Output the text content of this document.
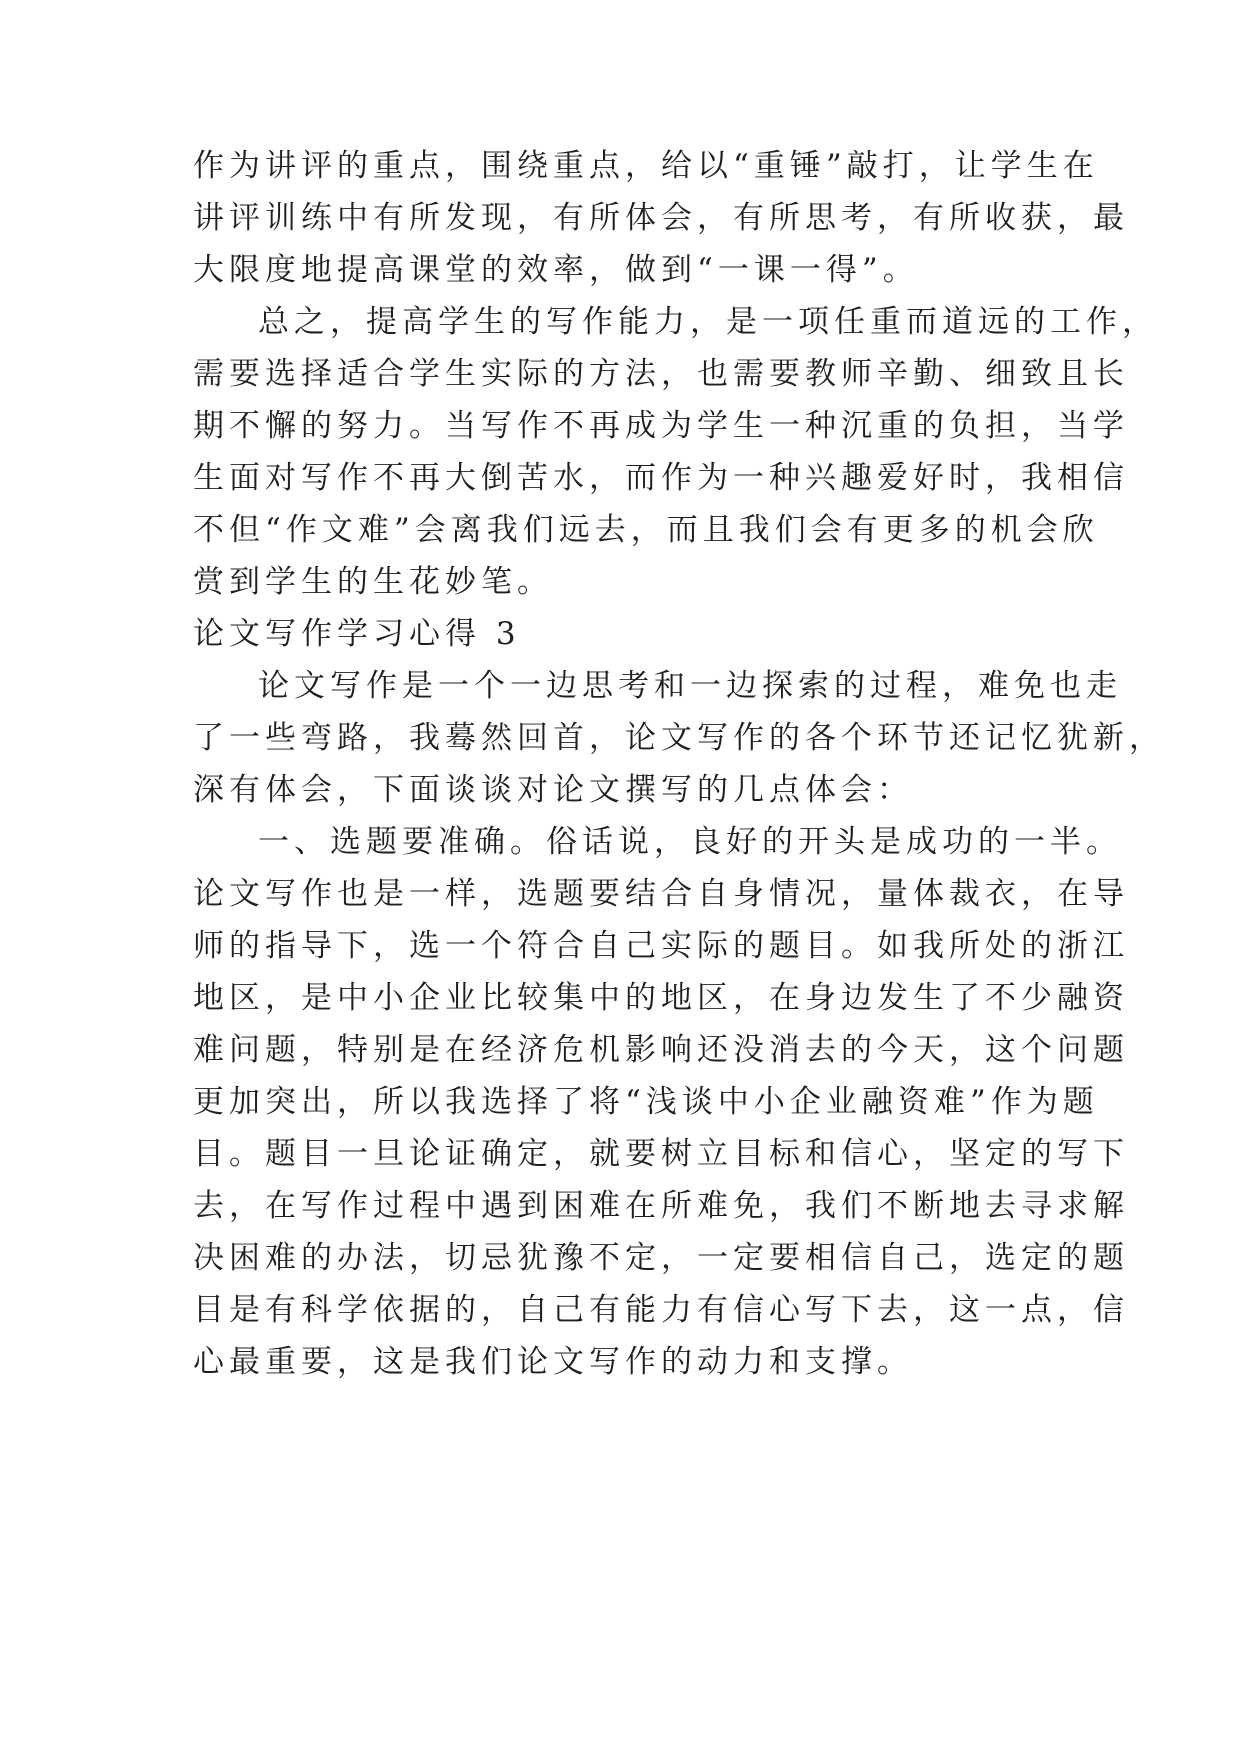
作为讲评的重点，围绕重点，给以“重锤”敲打，让学生在
讲评训练中有所发现，有所体会，有所思考，有所收获，最
大限度地提高课堂的效率，做到“一课一得”。
总之，提高学生的写作能力，是一项任重而道远的工作，
需要选择适合学生实际的方法，也需要教师辛勤、细致且长
期不懈的努力。当写作不再成为学生一种沉重的负担，当学
生面对写作不再大倒苦水，而作为一种兴趣爱好时，我相信
不但“作文难”会离我们远去，而且我们会有更多的机会欣
赏到学生的生花妙笔。
论文写作学习心得 3
论文写作是一个一边思考和一边探索的过程，难免也走
了一些弯路，我蓦然回首，论文写作的各个环节还记忆犹新，
深有体会，下面谈谈对论文撰写的几点体会：
一、选题要准确。俗话说，良好的开头是成功的一半。
论文写作也是一样，选题要结合自身情况，量体裁衣，在导
师的指导下，选一个符合自己实际的题目。如我所处的浙江
地区，是中小企业比较集中的地区，在身边发生了不少融资
难问题，特别是在经济危机影响还没消去的今天，这个问题
更加突出，所以我选择了将“浅谈中小企业融资难”作为题
目。题目一旦论证确定，就要树立目标和信心，坚定的写下
去，在写作过程中遇到困难在所难免，我们不断地去寻求解
决困难的办法，切忌犹豫不定，一定要相信自己，选定的题
目是有科学依据的，自己有能力有信心写下去，这一点，信
心最重要，这是我们论文写作的动力和支撑。
